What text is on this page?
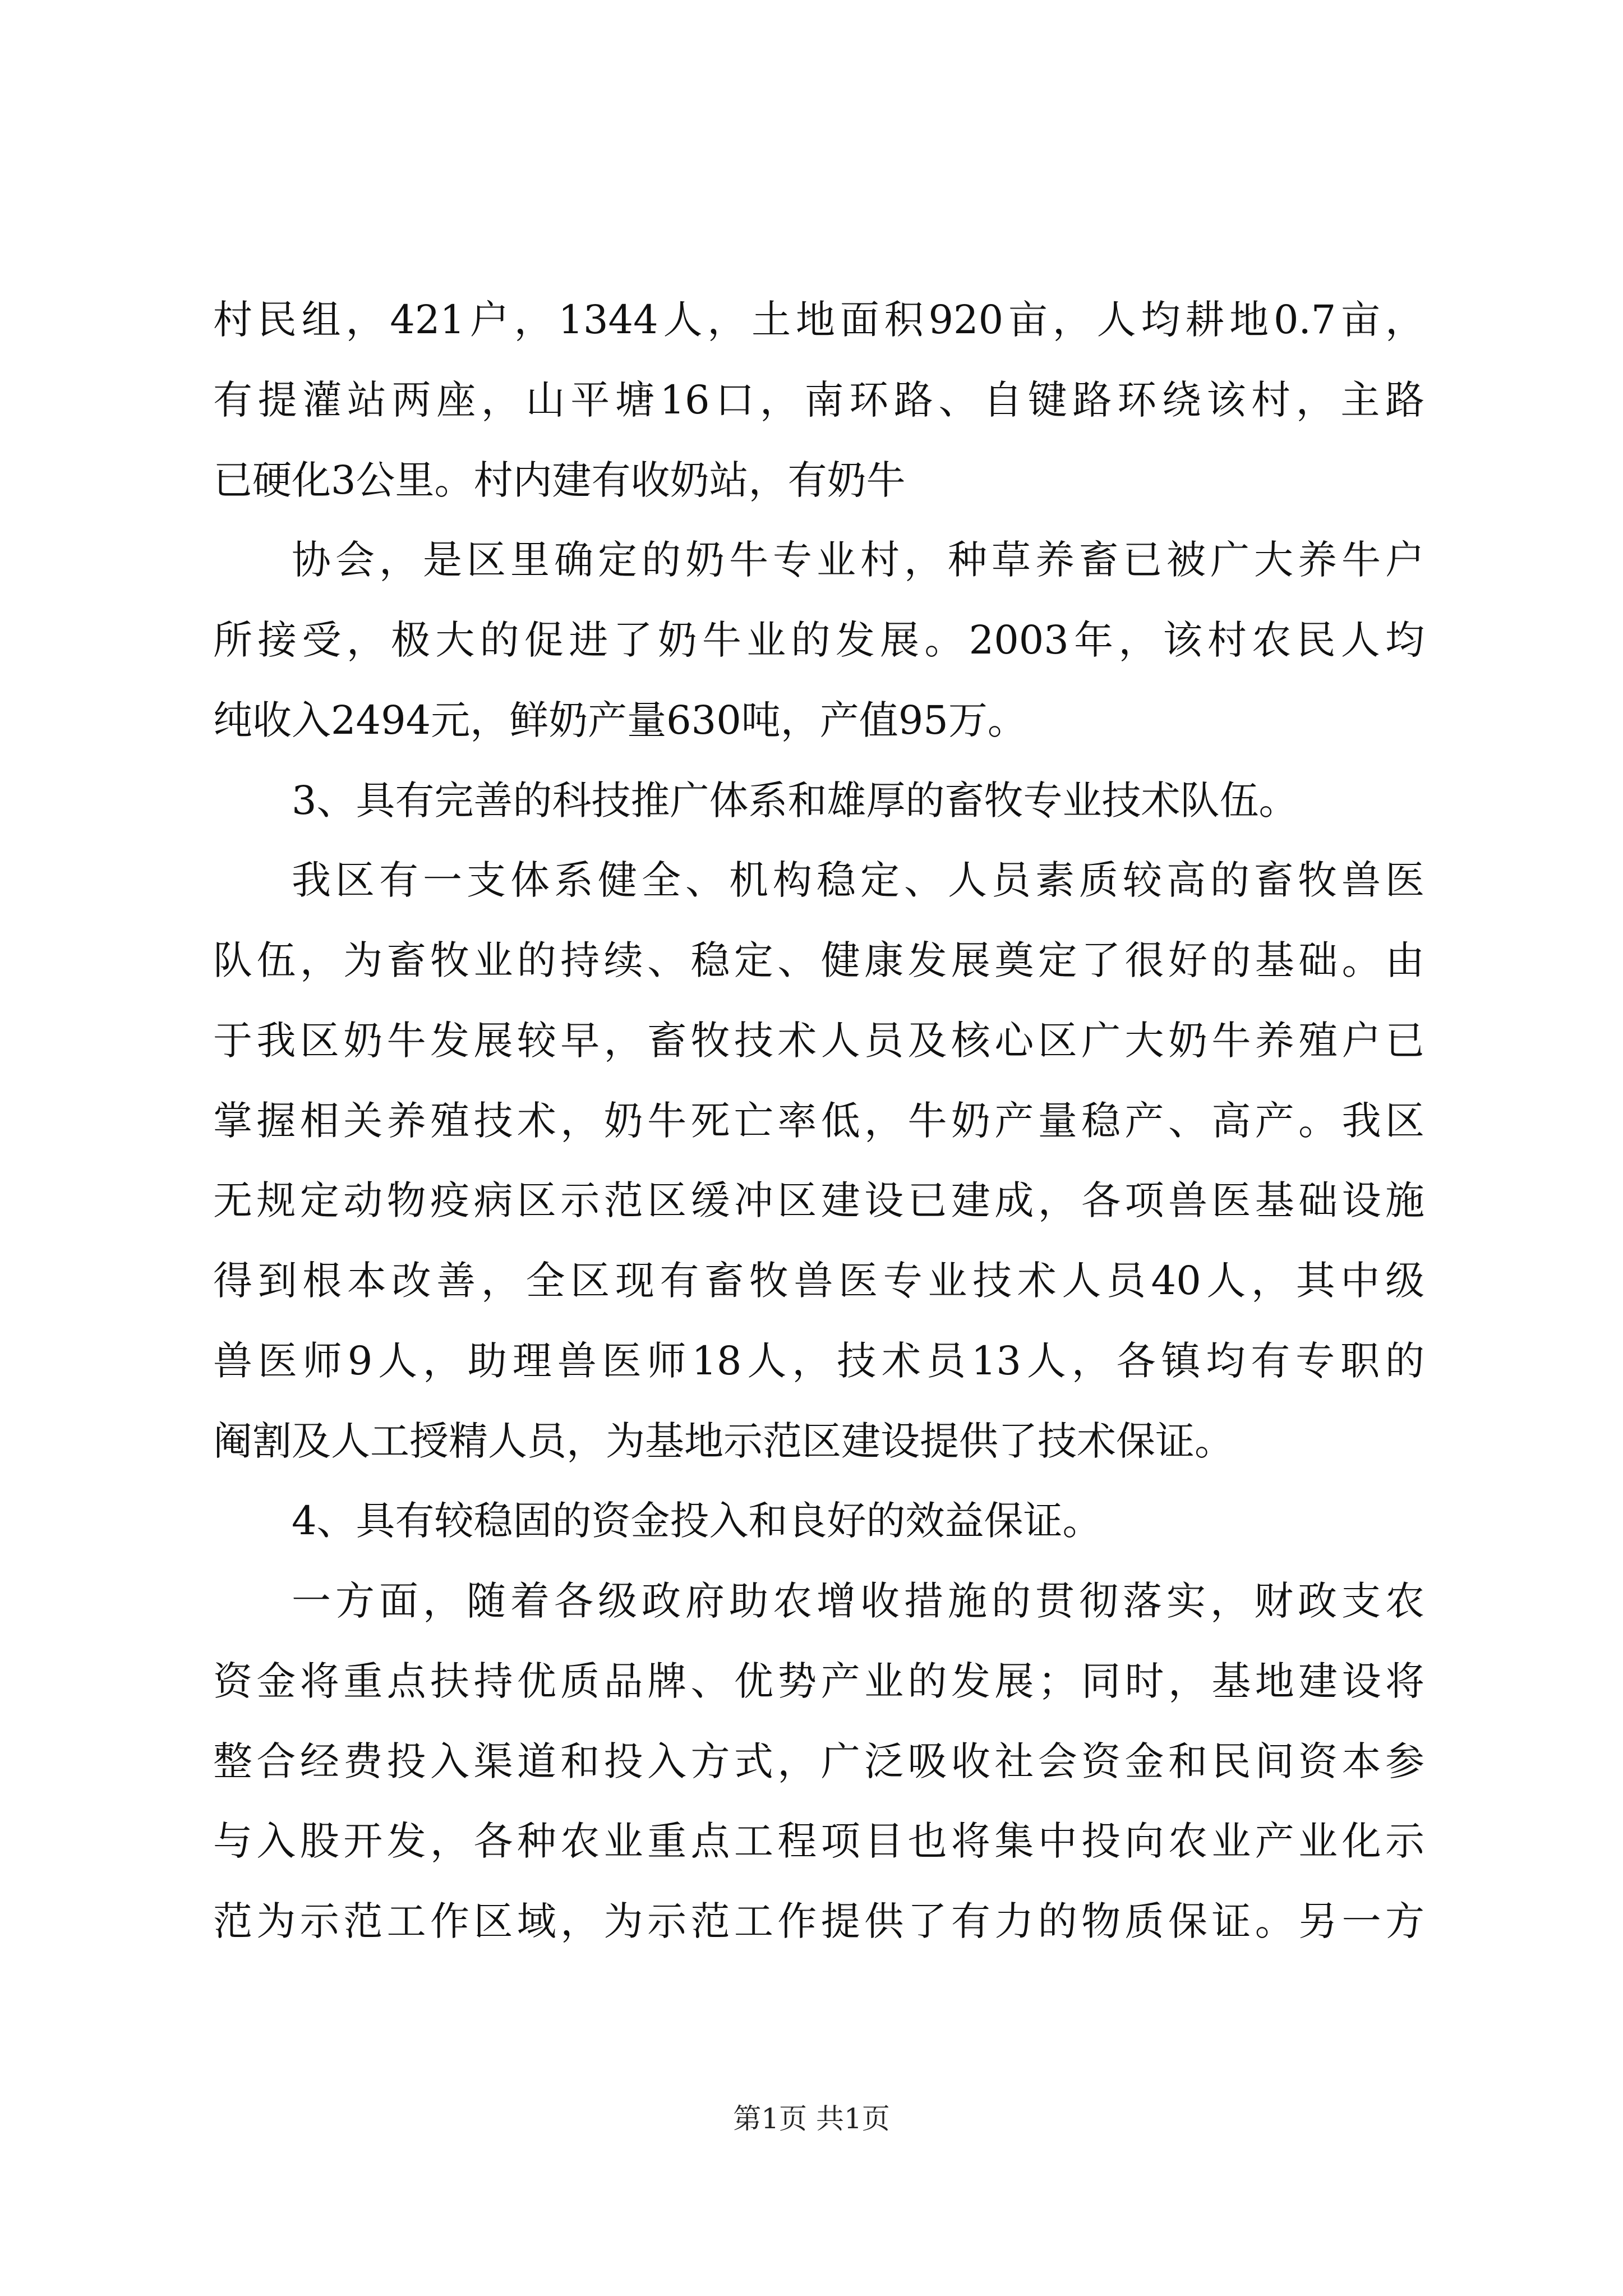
村民组，421户，1344人，土地面积920亩，人均耕地0.7亩，
有提灌站两座，山平塘16口，南环路、自键路环绕该村，主路
已硬化3公里。村内建有收奶站，有奶牛
协会，是区里确定的奶牛专业村，种草养畜已被广大养牛户
所接受，极大的促进了奶牛业的发展。2003年，该村农民人均
纯收入2494元，鲜奶产量630吨，产值95万。
3、具有完善的科技推广体系和雄厚的畜牧专业技术队伍。
我区有一支体系健全、机构稳定、人员素质较高的畜牧兽医
队伍，为畜牧业的持续、稳定、健康发展奠定了很好的基础。由
于我区奶牛发展较早，畜牧技术人员及核心区广大奶牛养殖户已
掌握相关养殖技术，奶牛死亡率低，牛奶产量稳产、高产。我区
无规定动物疫病区示范区缓冲区建设已建成，各项兽医基础设施
得到根本改善，全区现有畜牧兽医专业技术人员40人，其中级
兽医师9人，助理兽医师18人，技术员13人，各镇均有专职的
阉割及人工授精人员，为基地示范区建设提供了技术保证。
4、具有较稳固的资金投入和良好的效益保证。
一方面，随着各级政府助农增收措施的贯彻落实，财政支农
资金将重点扶持优质品牌、优势产业的发展；同时，基地建设将
整合经费投入渠道和投入方式，广泛吸收社会资金和民间资本参
与入股开发，各种农业重点工程项目也将集中投向农业产业化示
范为示范工作区域，为示范工作提供了有力的物质保证。另一方
第1页 共1页
